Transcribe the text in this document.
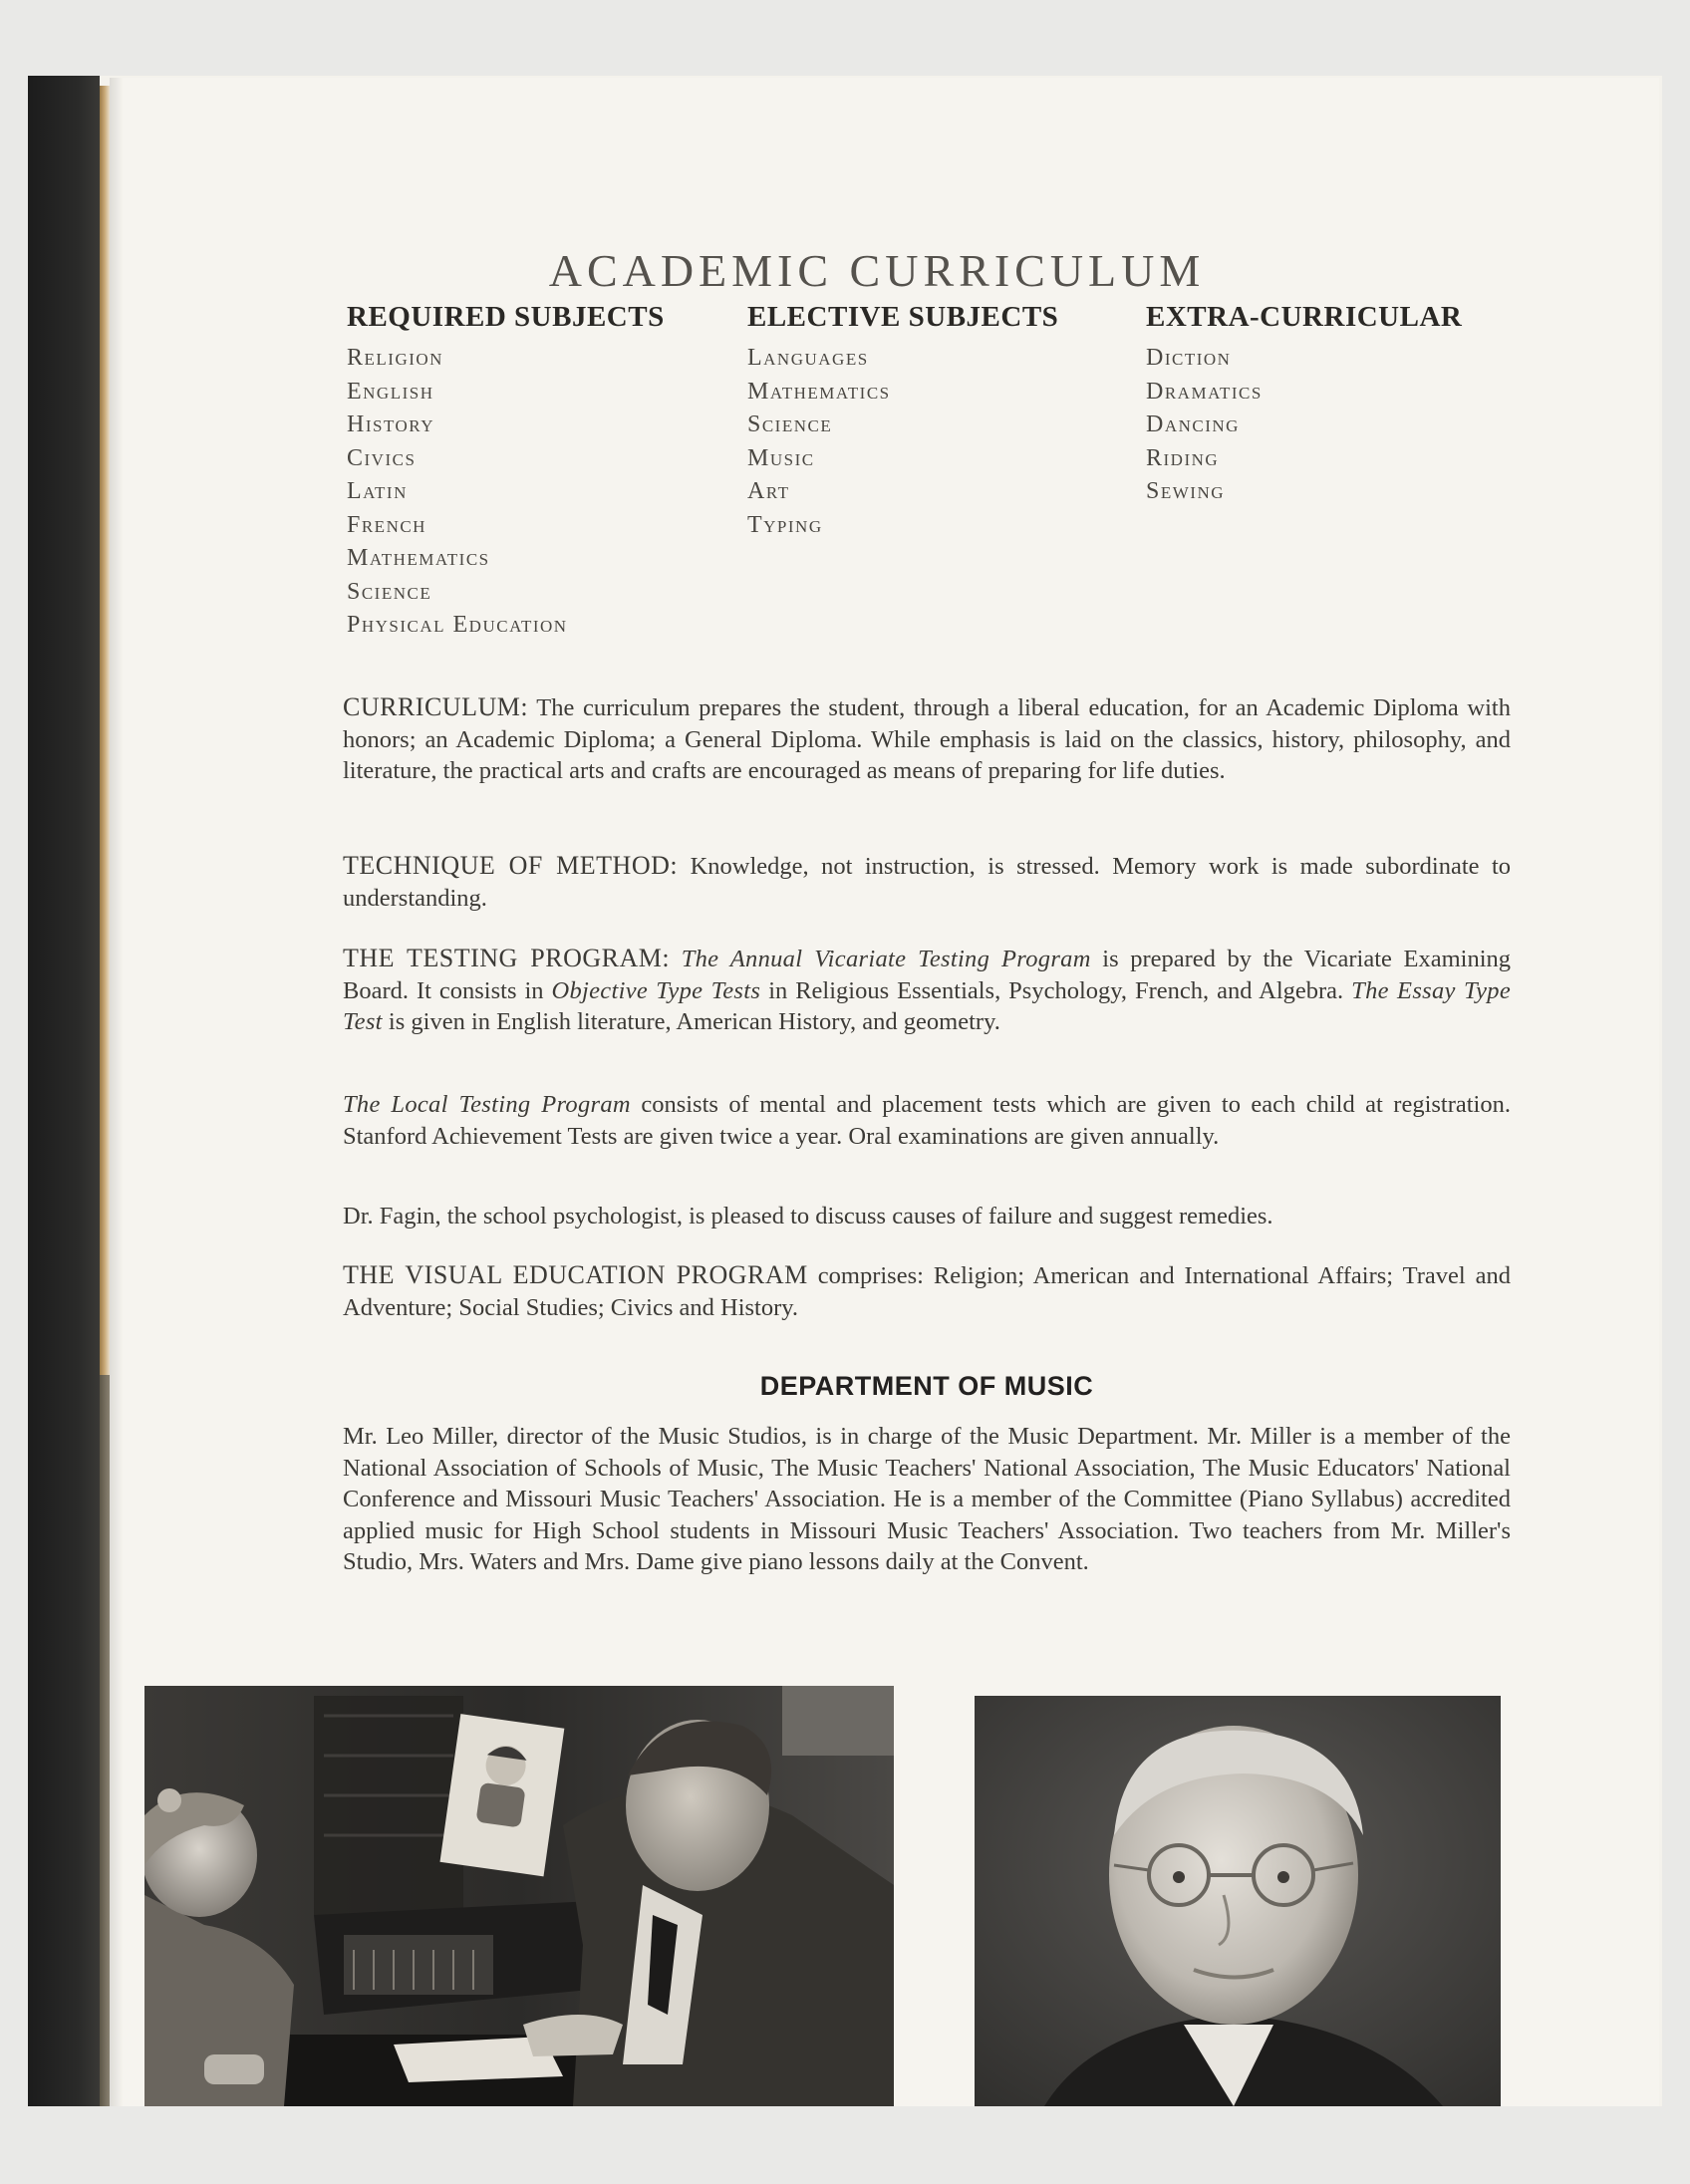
ACADEMIC CURRICULUM
REQUIRED SUBJECTS
Religion
English
History
Civics
Latin
French
Mathematics
Science
Physical Education
ELECTIVE SUBJECTS
Languages
Mathematics
Science
Music
Art
Typing
EXTRA-CURRICULAR
Diction
Dramatics
Dancing
Riding
Sewing

CURRICULUM: The curriculum prepares the student, through a liberal education, for an Academic Diploma with honors; an Academic Diploma; a General Diploma. While emphasis is laid on the classics, history, philosophy, and literature, the practical arts and crafts are encouraged as means of preparing for life duties.

TECHNIQUE OF METHOD: Knowledge, not instruction, is stressed. Memory work is made subordinate to understanding.

THE TESTING PROGRAM: The Annual Vicariate Testing Program is prepared by the Vicariate Examining Board. It consists in Objective Type Tests in Religious Essentials, Psychology, French, and Algebra. The Essay Type Test is given in English literature, American History, and geometry.

The Local Testing Program consists of mental and placement tests which are given to each child at registration. Stanford Achievement Tests are given twice a year. Oral examinations are given annually.

Dr. Fagin, the school psychologist, is pleased to discuss causes of failure and suggest remedies.

THE VISUAL EDUCATION PROGRAM comprises: Religion; American and International Affairs; Travel and Adventure; Social Studies; Civics and History.

DEPARTMENT OF MUSIC

Mr. Leo Miller, director of the Music Studios, is in charge of the Music Department. Mr. Miller is a member of the National Association of Schools of Music, The Music Teachers' National Association, The Music Educators' National Conference and Missouri Music Teachers' Association. He is a member of the Committee (Piano Syllabus) accredited applied music for High School students in Missouri Music Teachers' Association. Two teachers from Mr. Miller's Studio, Mrs. Waters and Mrs. Dame give piano lessons daily at the Convent.
